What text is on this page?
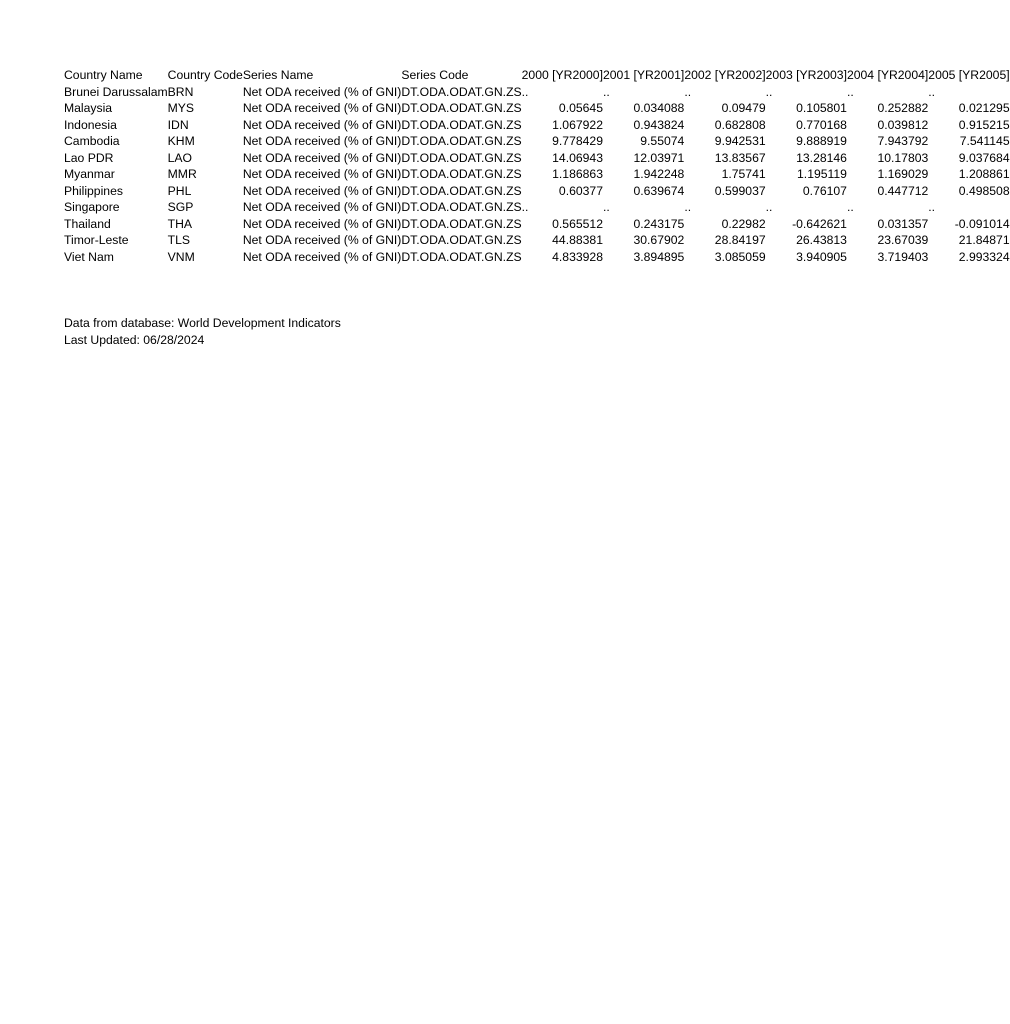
Country Name	Country Code	Series Name	Series Code	2000 [YR2000]	2001 [YR2001]	2002 [YR2002]	2003 [YR2003]	2004 [YR2004]	2005 [YR2005]
Brunei Darussalam	BRN	Net ODA received (% of GNI)	DT.ODA.ODAT.GN.ZS	..	..	..	..	..	..
Malaysia	MYS	Net ODA received (% of GNI)	DT.ODA.ODAT.GN.ZS	0.05645	0.034088	0.09479	0.105801	0.252882	0.021295
Indonesia	IDN	Net ODA received (% of GNI)	DT.ODA.ODAT.GN.ZS	1.067922	0.943824	0.682808	0.770168	0.039812	0.915215
Cambodia	KHM	Net ODA received (% of GNI)	DT.ODA.ODAT.GN.ZS	9.778429	9.55074	9.942531	9.888919	7.943792	7.541145
Lao PDR	LAO	Net ODA received (% of GNI)	DT.ODA.ODAT.GN.ZS	14.06943	12.03971	13.83567	13.28146	10.17803	9.037684
Myanmar	MMR	Net ODA received (% of GNI)	DT.ODA.ODAT.GN.ZS	1.186863	1.942248	1.75741	1.195119	1.169029	1.208861
Philippines	PHL	Net ODA received (% of GNI)	DT.ODA.ODAT.GN.ZS	0.60377	0.639674	0.599037	0.76107	0.447712	0.498508
Singapore	SGP	Net ODA received (% of GNI)	DT.ODA.ODAT.GN.ZS	..	..	..	..	..	..
Thailand	THA	Net ODA received (% of GNI)	DT.ODA.ODAT.GN.ZS	0.565512	0.243175	0.22982	-0.642621	0.031357	-0.091014
Timor-Leste	TLS	Net ODA received (% of GNI)	DT.ODA.ODAT.GN.ZS	44.88381	30.67902	28.84197	26.43813	23.67039	21.84871
Viet Nam	VNM	Net ODA received (% of GNI)	DT.ODA.ODAT.GN.ZS	4.833928	3.894895	3.085059	3.940905	3.719403	2.993324
Data from database: World Development Indicators
Last Updated: 06/28/2024
